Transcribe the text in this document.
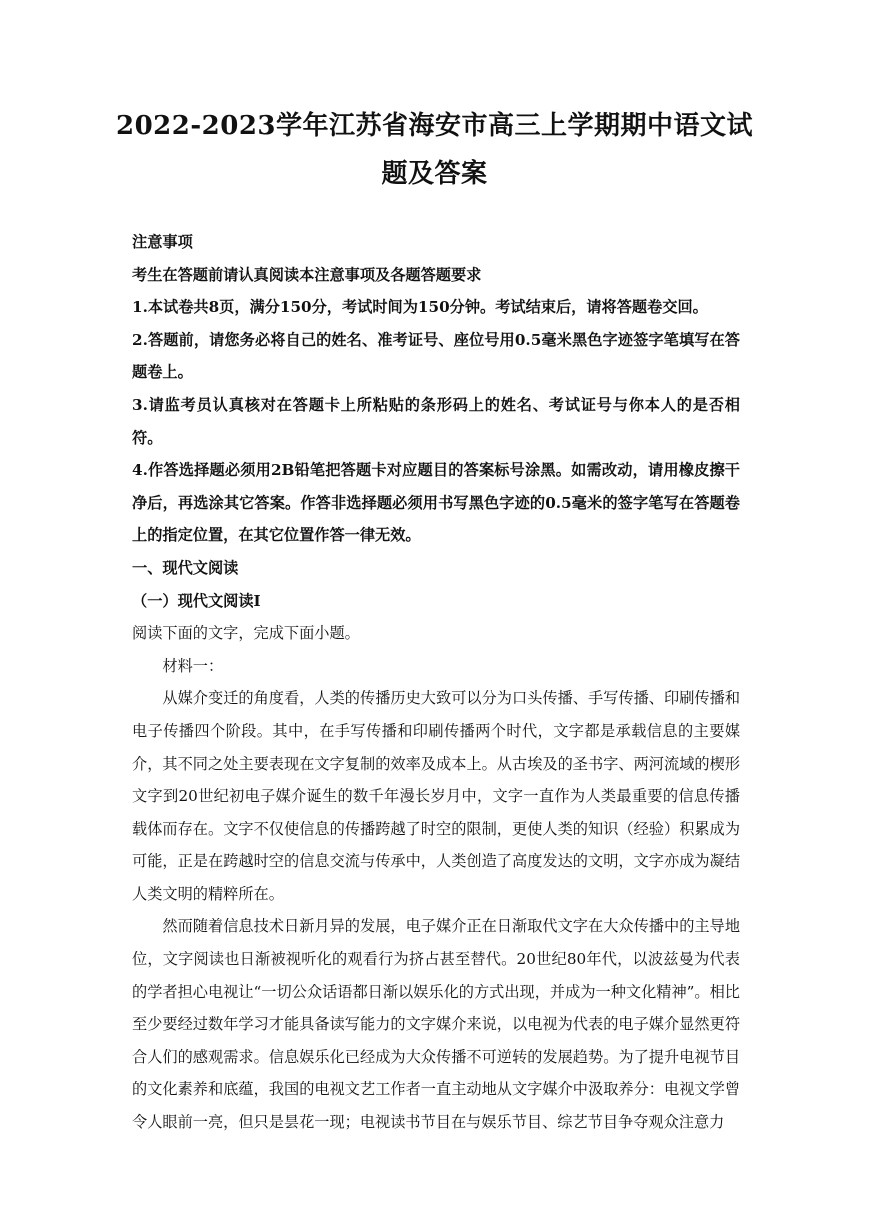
2022-2023学年江苏省海安市高三上学期期中语文试题及答案

注意事项

考生在答题前请认真阅读本注意事项及各题答题要求

1.本试卷共8页，满分150分，考试时间为150分钟。考试结束后，请将答题卷交回。

2.答题前，请您务必将自己的姓名、准考证号、座位号用0.5毫米黑色字迹签字笔填写在答题卷上。

3.请监考员认真核对在答题卡上所粘贴的条形码上的姓名、考试证号与你本人的是否相符。

4.作答选择题必须用2B铅笔把答题卡对应题目的答案标号涂黑。如需改动，请用橡皮擦干净后，再选涂其它答案。作答非选择题必须用书写黑色字迹的0.5毫米的签字笔写在答题卷上的指定位置，在其它位置作答一律无效。

一、现代文阅读

（一）现代文阅读I

阅读下面的文字，完成下面小题。

材料一：

从媒介变迁的角度看，人类的传播历史大致可以分为口头传播、手写传播、印刷传播和电子传播四个阶段。其中，在手写传播和印刷传播两个时代，文字都是承载信息的主要媒介，其不同之处主要表现在文字复制的效率及成本上。从古埃及的圣书字、两河流域的楔形文字到20世纪初电子媒介诞生的数千年漫长岁月中，文字一直作为人类最重要的信息传播载体而存在。文字不仅使信息的传播跨越了时空的限制，更使人类的知识（经验）积累成为可能，正是在跨越时空的信息交流与传承中，人类创造了高度发达的文明，文字亦成为凝结人类文明的精粹所在。

然而随着信息技术日新月异的发展，电子媒介正在日渐取代文字在大众传播中的主导地位，文字阅读也日渐被视听化的观看行为挤占甚至替代。20世纪80年代，以波兹曼为代表的学者担心电视让“一切公众话语都日渐以娱乐化的方式出现，并成为一种文化精神”。相比至少要经过数年学习才能具备读写能力的文字媒介来说，以电视为代表的电子媒介显然更符合人们的感观需求。信息娱乐化已经成为大众传播不可逆转的发展趋势。为了提升电视节目的文化素养和底蕴，我国的电视文艺工作者一直主动地从文字媒介中汲取养分：电视文学曾令人眼前一亮，但只是昙花一现；电视读书节目在与娱乐节目、综艺节目争夺观众注意力
